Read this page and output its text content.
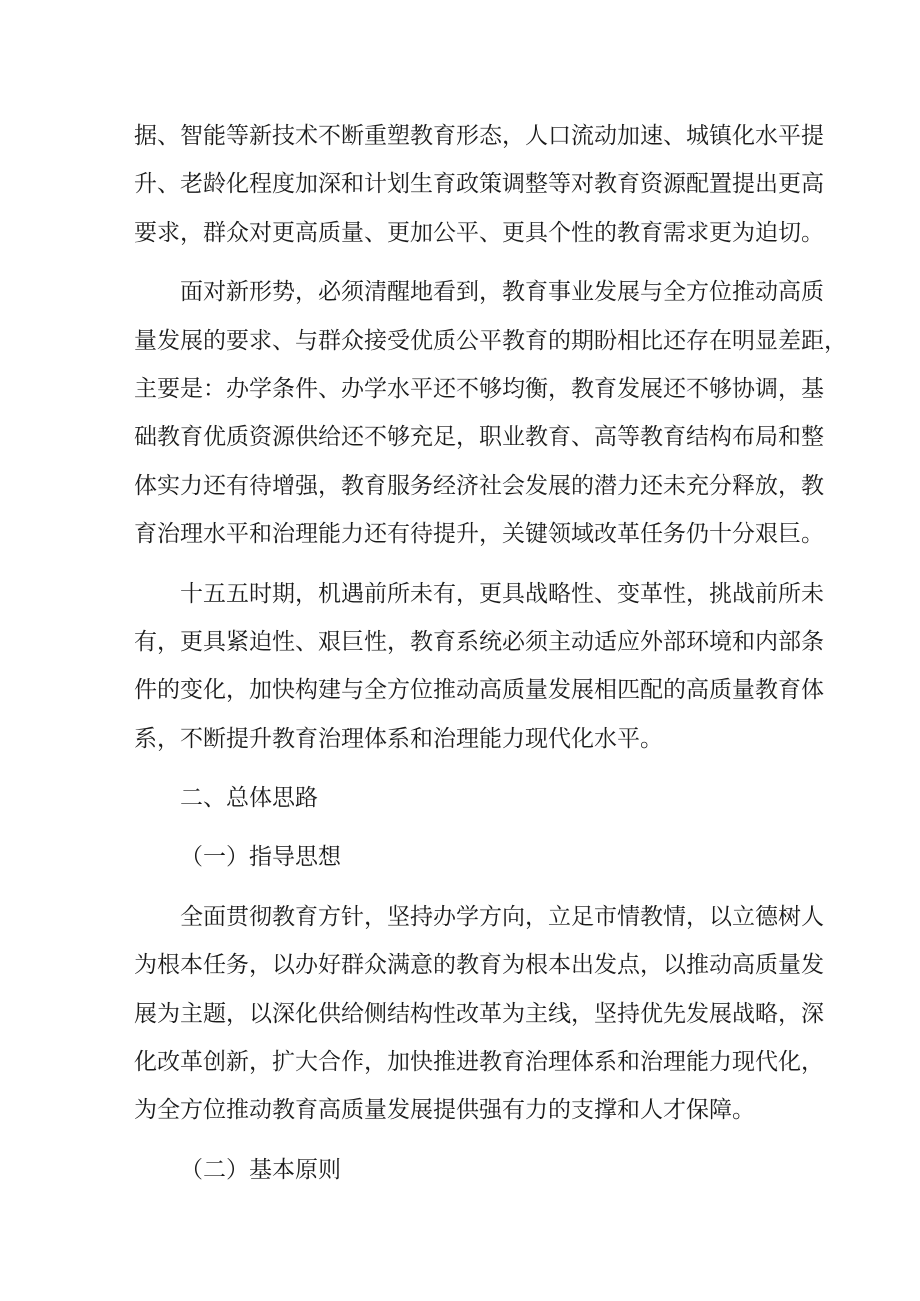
据、智能等新技术不断重塑教育形态，人口流动加速、城镇化水平提
升、老龄化程度加深和计划生育政策调整等对教育资源配置提出更高
要求，群众对更高质量、更加公平、更具个性的教育需求更为迫切。
面对新形势，必须清醒地看到，教育事业发展与全方位推动高质
量发展的要求、与群众接受优质公平教育的期盼相比还存在明显差距，
主要是：办学条件、办学水平还不够均衡，教育发展还不够协调，基
础教育优质资源供给还不够充足，职业教育、高等教育结构布局和整
体实力还有待增强，教育服务经济社会发展的潜力还未充分释放，教
育治理水平和治理能力还有待提升，关键领域改革任务仍十分艰巨。
十五五时期，机遇前所未有，更具战略性、变革性，挑战前所未
有，更具紧迫性、艰巨性，教育系统必须主动适应外部环境和内部条
件的变化，加快构建与全方位推动高质量发展相匹配的高质量教育体
系，不断提升教育治理体系和治理能力现代化水平。
二、总体思路
（一）指导思想
全面贯彻教育方针，坚持办学方向，立足市情教情，以立德树人
为根本任务，以办好群众满意的教育为根本出发点，以推动高质量发
展为主题，以深化供给侧结构性改革为主线，坚持优先发展战略，深
化改革创新，扩大合作，加快推进教育治理体系和治理能力现代化，
为全方位推动教育高质量发展提供强有力的支撑和人才保障。
（二）基本原则
